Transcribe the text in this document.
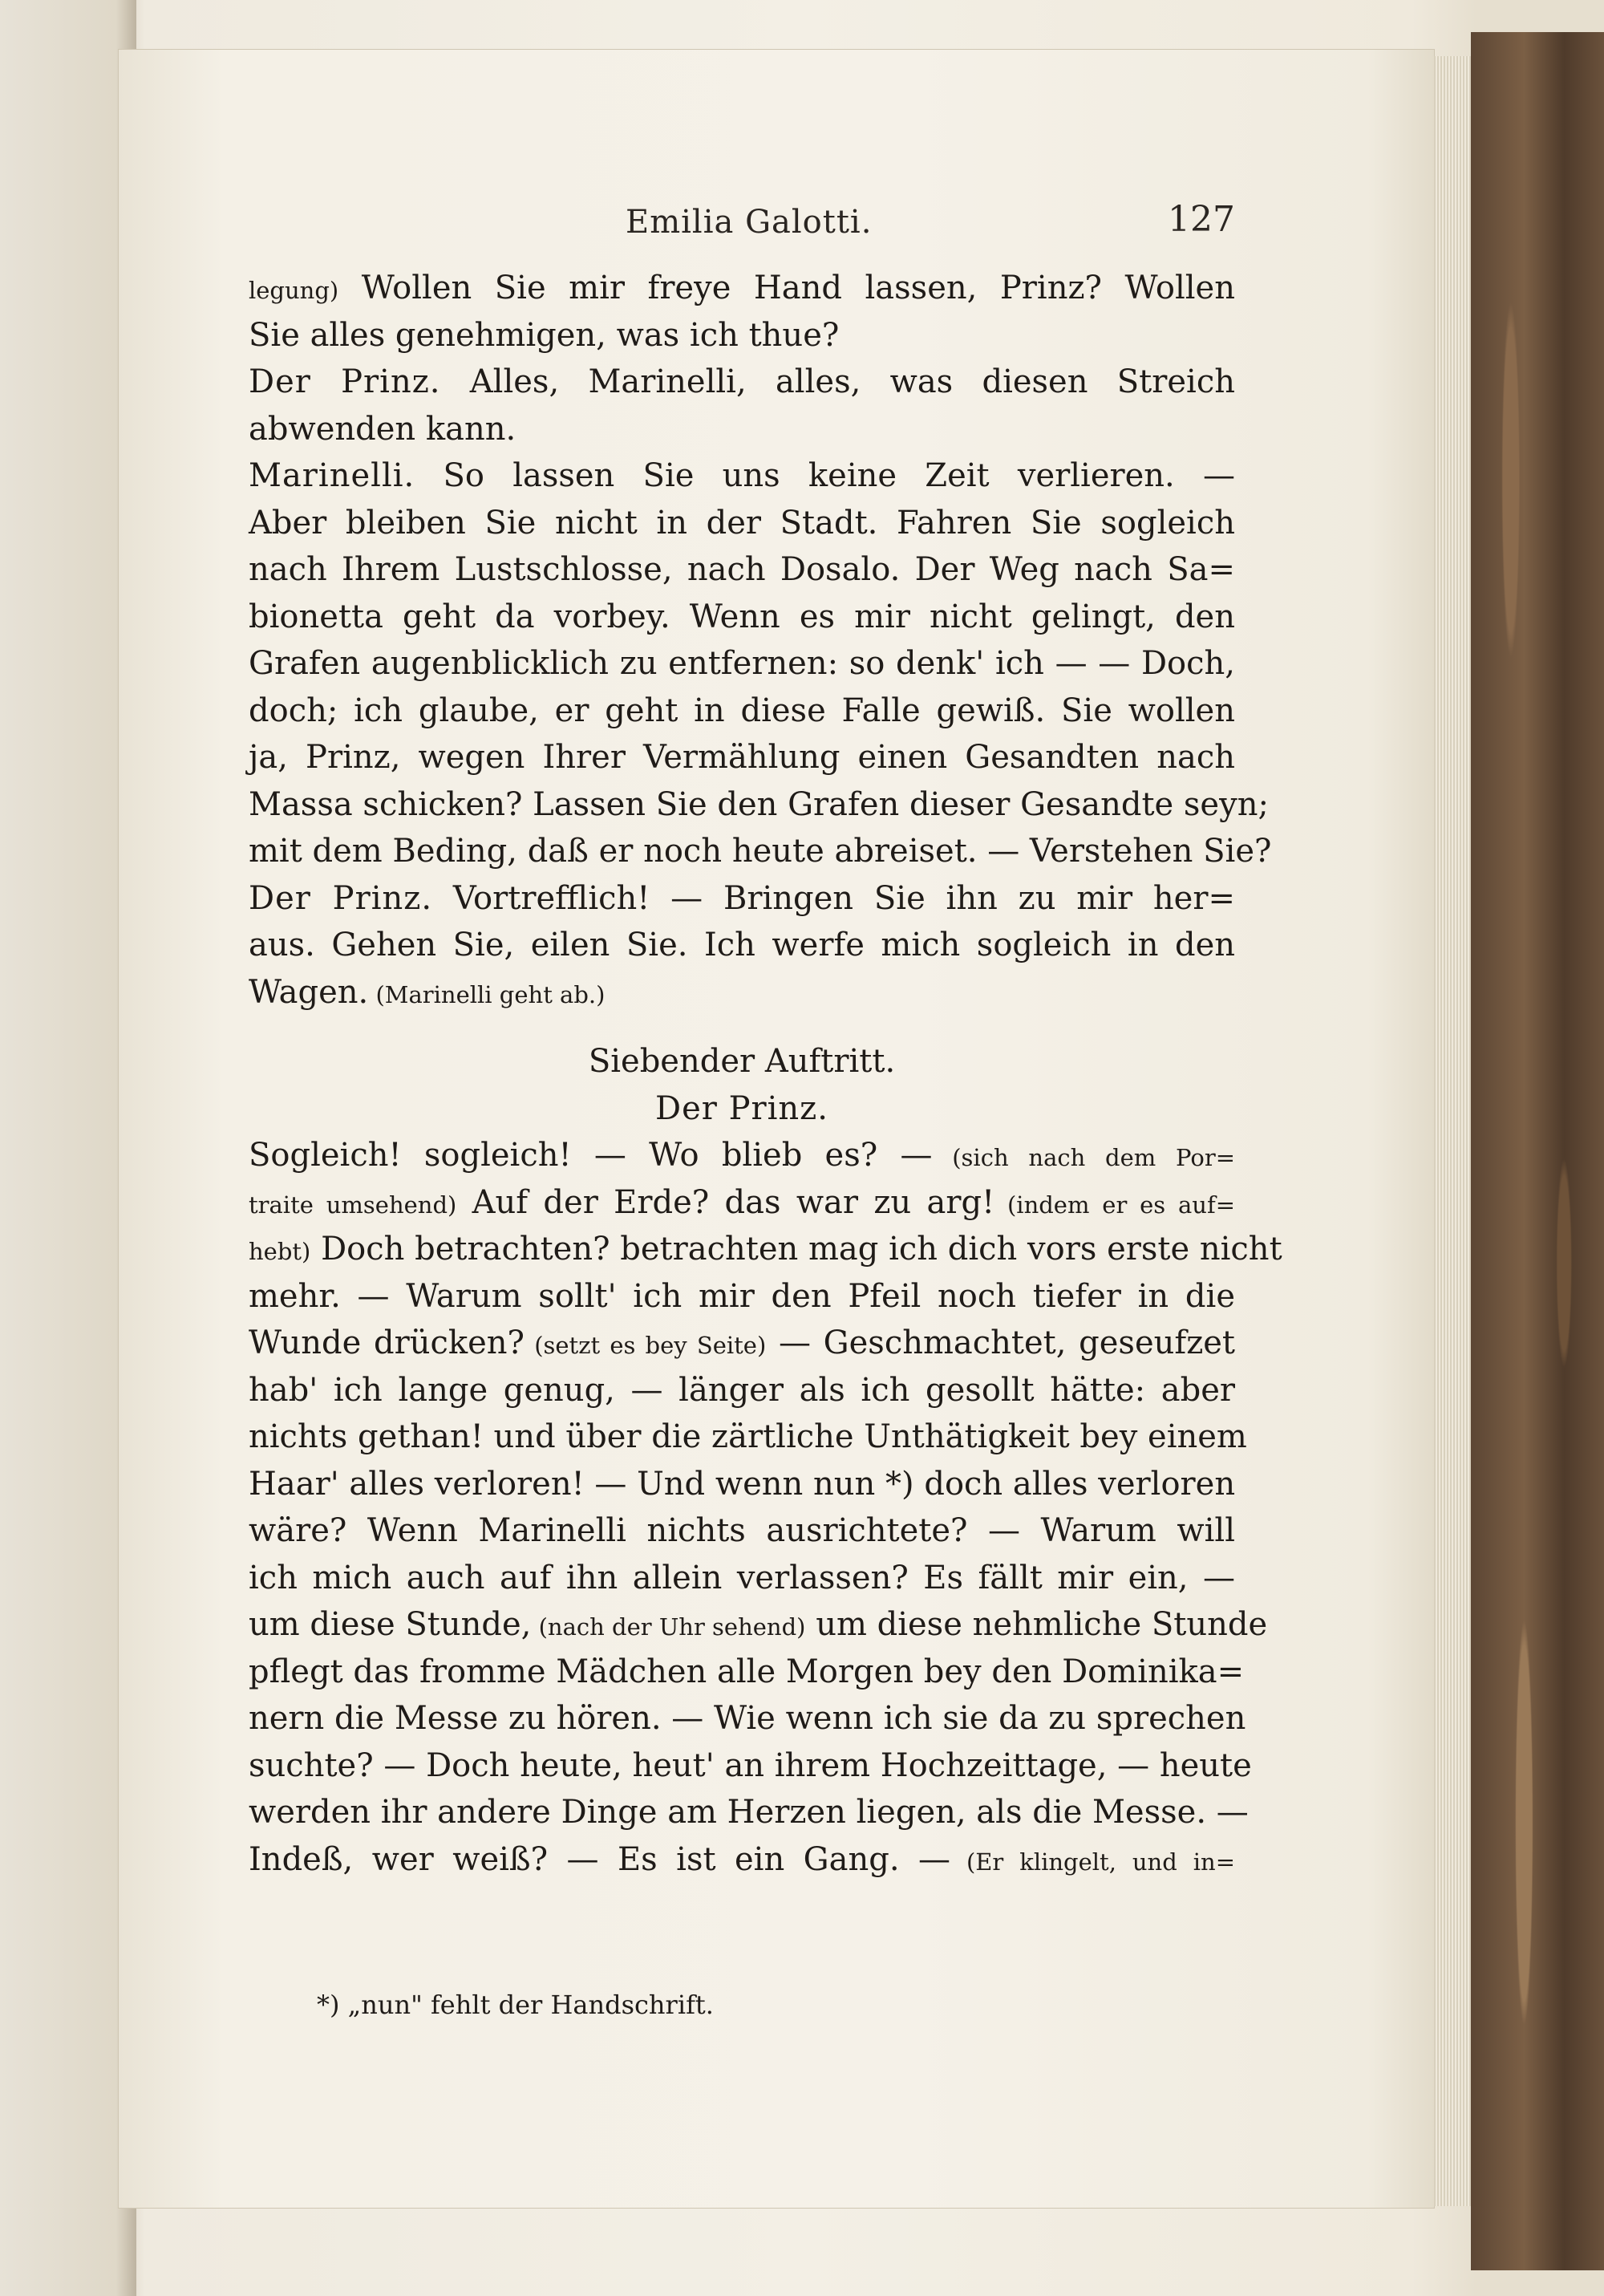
Emilia Galotti.	127
legung) Wollen Sie mir freye Hand lassen, Prinz? Wollen
Sie alles genehmigen, was ich thue?
Der Prinz. Alles, Marinelli, alles, was diesen Streich
abwenden kann.
Marinelli. So lassen Sie uns keine Zeit verlieren. —
Aber bleiben Sie nicht in der Stadt. Fahren Sie sogleich
nach Ihrem Lustschlosse, nach Dosalo. Der Weg nach Sa=
bionetta geht da vorbey. Wenn es mir nicht gelingt, den
Grafen augenblicklich zu entfernen: so denk' ich — — Doch,
doch; ich glaube, er geht in diese Falle gewiß. Sie wollen
ja, Prinz, wegen Ihrer Vermählung einen Gesandten nach
Massa schicken? Lassen Sie den Grafen dieser Gesandte seyn;
mit dem Beding, daß er noch heute abreiset. — Verstehen Sie?
Der Prinz. Vortrefflich! — Bringen Sie ihn zu mir her=
aus. Gehen Sie, eilen Sie. Ich werfe mich sogleich in den
Wagen. (Marinelli geht ab.)
Siebender Auftritt.
Der Prinz.
Sogleich! sogleich! — Wo blieb es? — (sich nach dem Por=
traite umsehend) Auf der Erde? das war zu arg! (indem er es auf=
hebt) Doch betrachten? betrachten mag ich dich vors erste nicht
mehr. — Warum sollt' ich mir den Pfeil noch tiefer in die
Wunde drücken? (setzt es bey Seite) — Geschmachtet, geseufzet
hab' ich lange genug, — länger als ich gesollt hätte: aber
nichts gethan! und über die zärtliche Unthätigkeit bey einem
Haar' alles verloren! — Und wenn nun *) doch alles verloren
wäre? Wenn Marinelli nichts ausrichtete? — Warum will
ich mich auch auf ihn allein verlassen? Es fällt mir ein, —
um diese Stunde, (nach der Uhr sehend) um diese nehmliche Stunde
pflegt das fromme Mädchen alle Morgen bey den Dominika=
nern die Messe zu hören. — Wie wenn ich sie da zu sprechen
suchte? — Doch heute, heut' an ihrem Hochzeittage, — heute
werden ihr andere Dinge am Herzen liegen, als die Messe. —
Indeß, wer weiß? — Es ist ein Gang. — (Er klingelt, und in=
*) „nun" fehlt der Handschrift.
